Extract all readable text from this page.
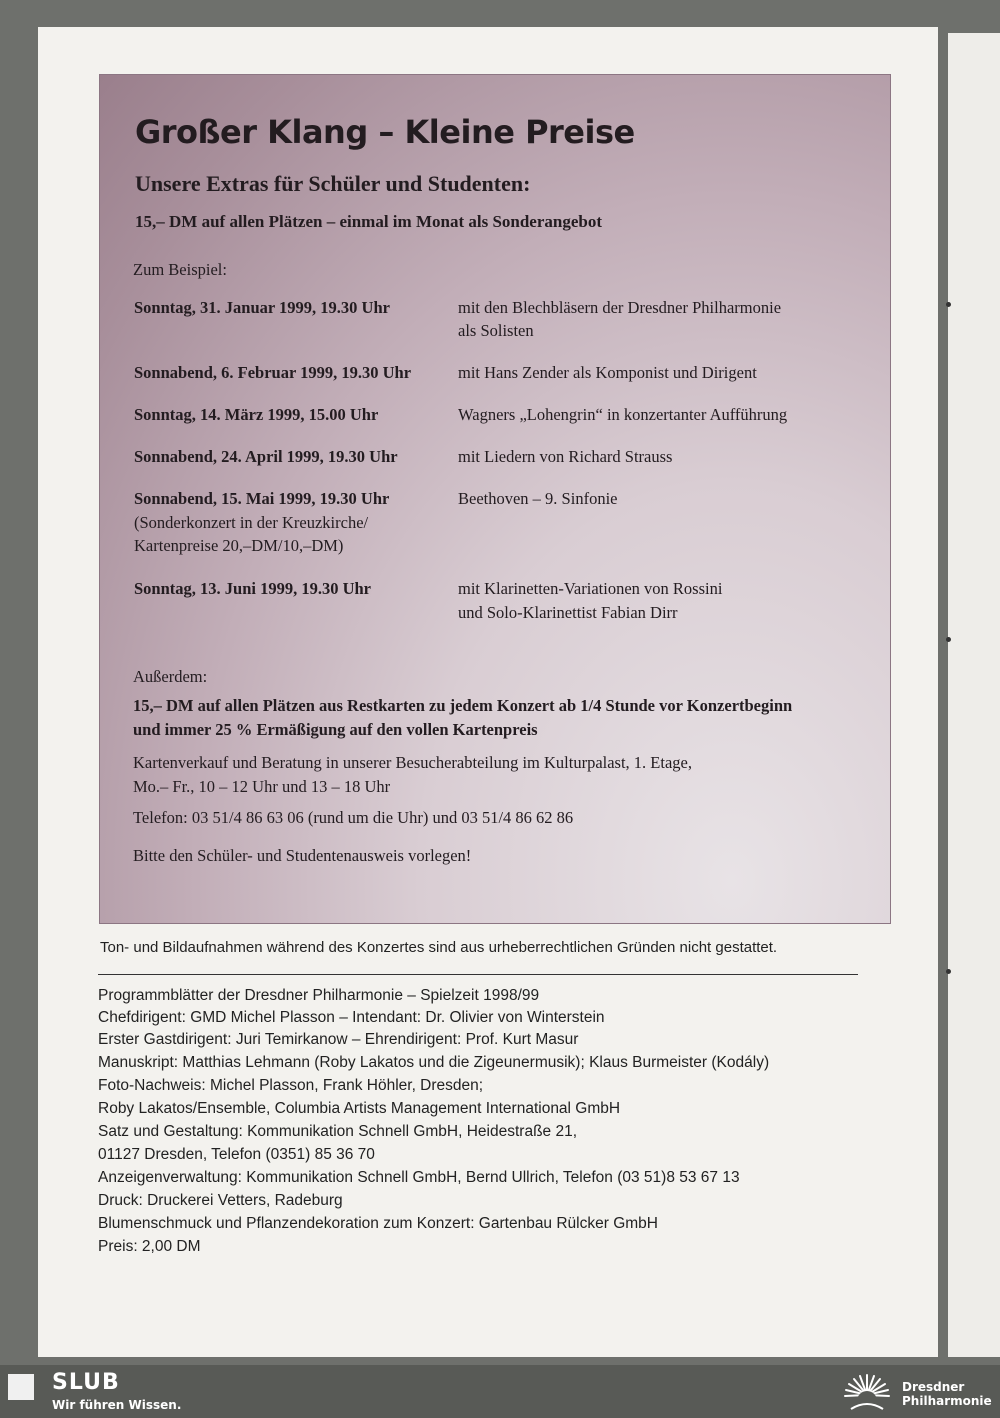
Großer Klang – Kleine Preise
Unsere Extras für Schüler und Studenten:
15,– DM auf allen Plätzen – einmal im Monat als Sonderangebot
Zum Beispiel:
Sonntag, 31. Januar 1999, 19.30 Uhr	mit den Blechbläsern der Dresdner Philharmonie
als Solisten
Sonnabend, 6. Februar 1999, 19.30 Uhr	mit Hans Zender als Komponist und Dirigent
Sonntag, 14. März 1999, 15.00 Uhr	Wagners „Lohengrin“ in konzertanter Aufführung
Sonnabend, 24. April 1999, 19.30 Uhr	mit Liedern von Richard Strauss
Sonnabend, 15. Mai 1999, 19.30 Uhr	Beethoven – 9. Sinfonie
(Sonderkonzert in der Kreuzkirche/
Kartenpreise 20,–DM/10,–DM)
Sonntag, 13. Juni 1999, 19.30 Uhr	mit Klarinetten-Variationen von Rossini
und Solo-Klarinettist Fabian Dirr
Außerdem:
15,– DM auf allen Plätzen aus Restkarten zu jedem Konzert ab 1/4 Stunde vor Konzertbeginn
und immer 25 % Ermäßigung auf den vollen Kartenpreis
Kartenverkauf und Beratung in unserer Besucherabteilung im Kulturpalast, 1. Etage,
Mo.– Fr., 10 – 12 Uhr und 13 – 18 Uhr
Telefon: 03 51/4 86 63 06 (rund um die Uhr) und 03 51/4 86 62 86
Bitte den Schüler- und Studentenausweis vorlegen!
Ton- und Bildaufnahmen während des Konzertes sind aus urheberrechtlichen Gründen nicht gestattet.
Programmblätter der Dresdner Philharmonie – Spielzeit 1998/99
Chefdirigent: GMD Michel Plasson – Intendant: Dr. Olivier von Winterstein
Erster Gastdirigent: Juri Temirkanow – Ehrendirigent: Prof. Kurt Masur
Manuskript: Matthias Lehmann (Roby Lakatos und die Zigeunermusik); Klaus Burmeister (Kodály)
Foto-Nachweis: Michel Plasson, Frank Höhler, Dresden;
Roby Lakatos/Ensemble, Columbia Artists Management International GmbH
Satz und Gestaltung: Kommunikation Schnell GmbH, Heidestraße 21,
01127 Dresden, Telefon (0351) 85 36 70
Anzeigenverwaltung: Kommunikation Schnell GmbH, Bernd Ullrich, Telefon (03 51)8 53 67 13
Druck: Druckerei Vetters, Radeburg
Blumenschmuck und Pflanzendekoration zum Konzert: Gartenbau Rülcker GmbH
Preis: 2,00 DM
SLUB
Wir führen Wissen.
Dresdner
Philharmonie
